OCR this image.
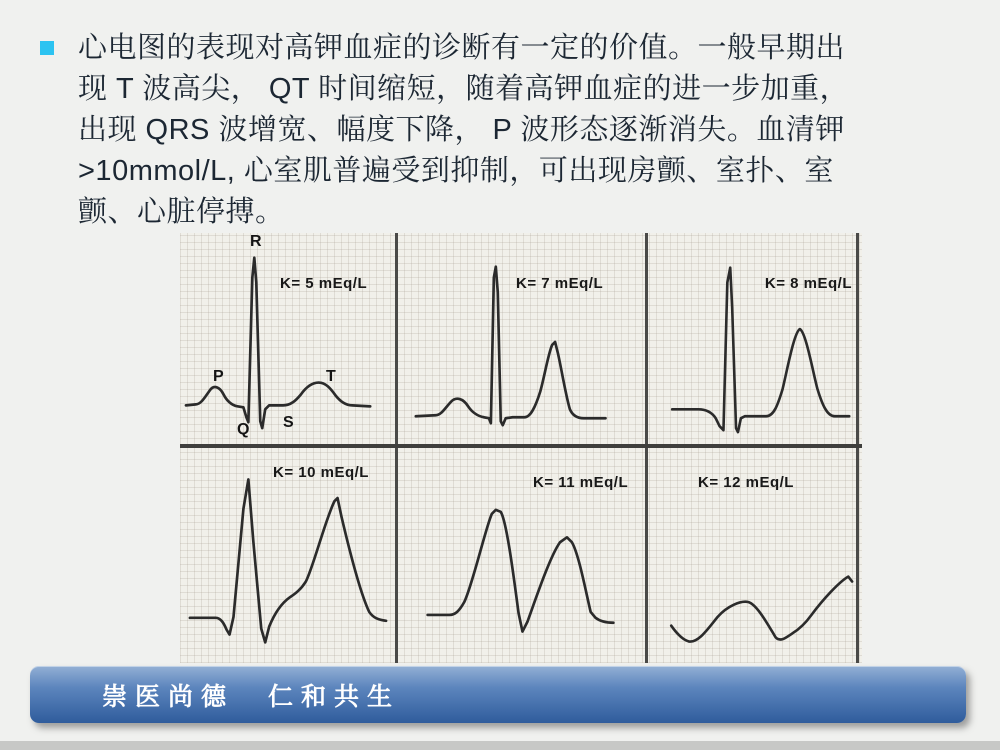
心电图的表现对高钾血症的诊断有一定的价值。一般早期出
现 T 波高尖， QT 时间缩短，随着高钾血症的进一步加重，
出现 QRS 波增宽、幅度下降， P 波形态逐渐消失。血清钾
>10mmol/L, 心室肌普遍受到抑制，可出现房颤、室扑、室
颤、心脏停搏。
K= 5 mEq/L
R
P	T
Q S
K= 7 mEq/L	K= 8 mEq/L
K= 10 mEq/L
K= 11 mEq/L	K= 12 mEq/L
崇医尚德 仁和共生
